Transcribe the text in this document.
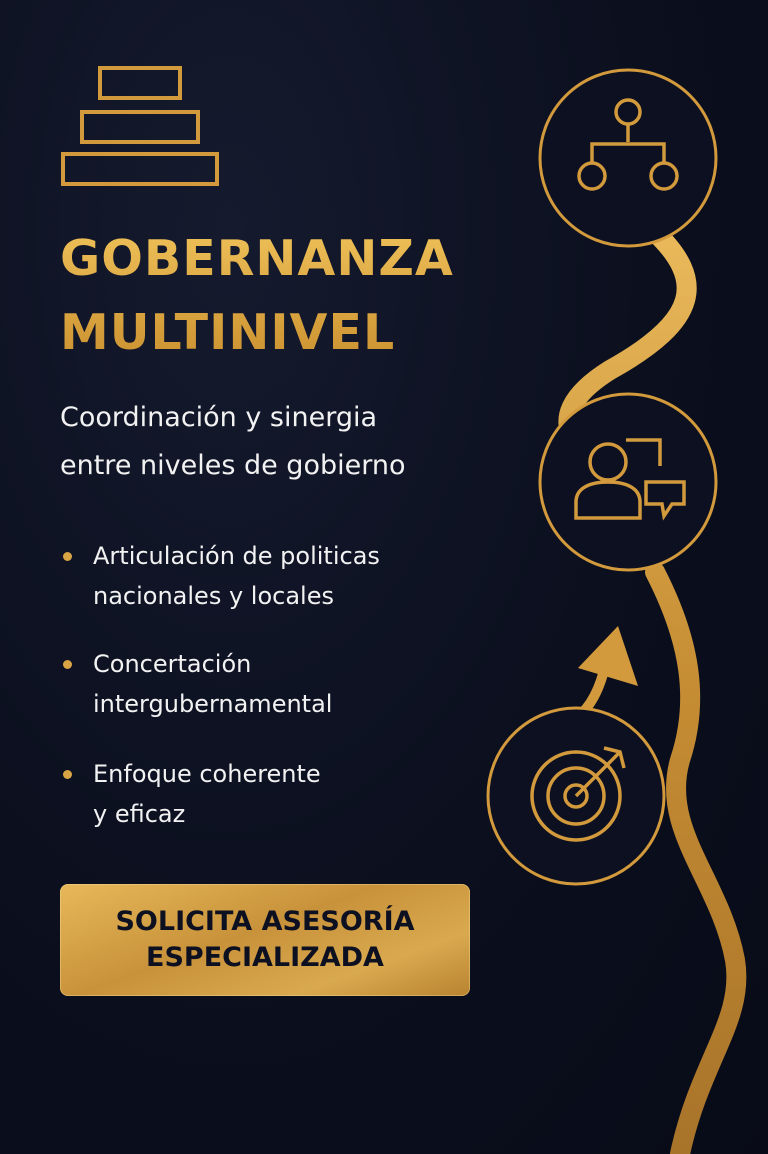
GOBERNANZA
MULTINIVEL

Coordinación y sinergia
entre niveles de gobierno

Articulación de politicas
nacionales y locales
Concertación
intergubernamental
Enfoque coherente
y eficaz
SOLICITA ASESORÍA
ESPECIALIZADA
